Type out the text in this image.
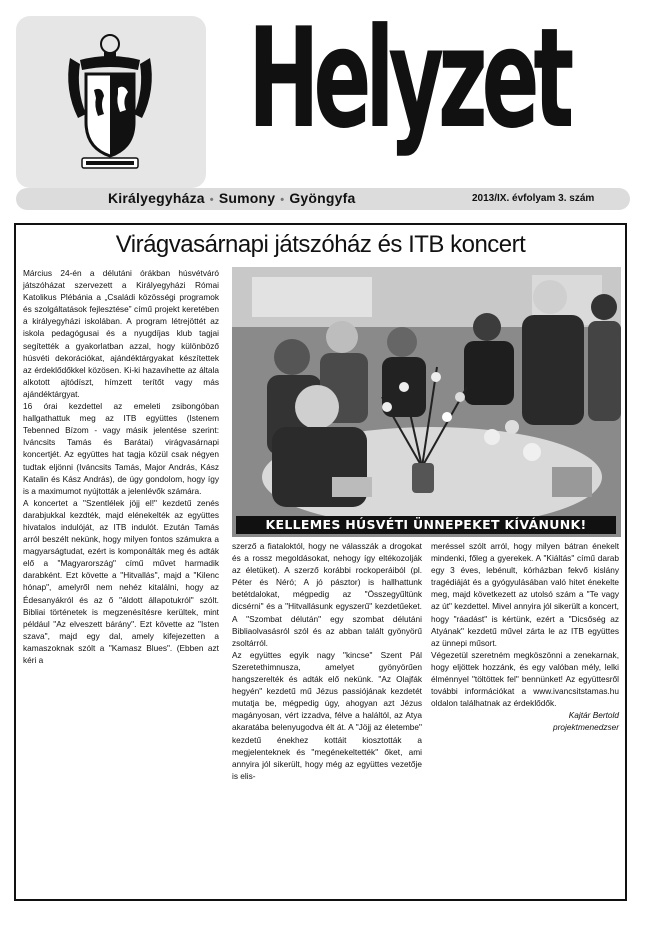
Helyzet
Királyegyháza • Sumony • Gyöngyfa	2013/IX. évfolyam 3. szám
Virágvasárnapi játszóház és ITB koncert

Március 24-én a délutáni órákban húsvétváró játszóházat szervezett a Királyegyházi Római Katolikus Plébánia a „Családi közösségi programok és szolgáltatások fejlesztése” című projekt keretében a királyegyházi iskolában. A program létrejöttét az iskola pedagógusai és a nyugdíjas klub tagjai segítették a gyakorlatban azzal, hogy különböző húsvéti dekorációkat, ajándéktárgyakat készítettek az érdeklődőkkel közösen. Ki-ki hazavihette az általa alkotott ajtódíszt, hímzett terítőt vagy más ajándéktárgyat.

16 órai kezdettel az emeleti zsibongóban hallgathattuk meg az ITB együttes (Istenem Tebenned Bízom - vagy másik jelentése szerint: Iváncsits Tamás és Barátai) virágvasárnapi koncertjét. Az együttes hat tagja közül csak négyen tudtak eljönni (Iváncsits Tamás, Major András, Kász Katalin és Kász András), de úgy gondolom, hogy így is a maximumot nyújtották a jelenlévők számára.

A koncertet a "Szentlélek jöjj el!" kezdetű zenés darabjukkal kezdték, majd elénekelték az együttes hivatalos indulóját, az ITB indulót. Ezután Tamás arról beszélt nekünk, hogy milyen fontos számukra a magyarságtudat, ezért is komponálták meg és adták elő a "Magyarország" című művet harmadik darabként. Ezt követte a "Hitvallás", majd a "Kilenc hónap", amelyről nem nehéz kitalálni, hogy az Édesanyákról és az ő "áldott állapotukról" szólt. Bibliai történetek is megzenésítésre kerültek, mint például "Az elveszett bárány". Ezt követte az "Isten szava", majd egy dal, amely kifejezetten a kamaszoknak szólt a "Kamasz Blues". (Ebben azt kéri a

KELLEMES HÚSVÉTI ÜNNEPEKET KÍVÁNUNK!

szerző a fiataloktól, hogy ne válasszák a drogokat és a rossz megoldásokat, nehogy így eltékozolják az életüket). A szerző korábbi rockoperáiból (pl. Péter és Néró; A jó pásztor) is hallhattunk betétdalokat, mégpedig az "Összegyűltünk dicsérni" és a "Hitvallásunk egyszerű" kezdetűeket. A "Szombat délután" egy szombat délutáni Bibliaolvasásról szól és az abban talált gyönyörű zsoltárról.

Az együttes egyik nagy "kincse" Szent Pál Szeretethimnusza, amelyet gyönyörűen hangszerelték és adták elő nekünk. "Az Olajfák hegyén" kezdetű mű Jézus passiójának kezdetét mutatja be, mégpedig úgy, ahogyan azt Jézus magányosan, vért izzadva, félve a haláltól, az Atya akaratába belenyugodva élt át. A "Jöjj az életembe" kezdetű énekhez kottáit kiosztották a megjelenteknek és "megénekeltették" őket, ami annyira jól sikerült, hogy még az együttes vezetője is elis-

meréssel szólt arról, hogy milyen bátran énekelt mindenki, főleg a gyerekek. A "Kiáltás" című darab egy 3 éves, lebénult, kórházban fekvő kislány tragédiáját és a gyógyulásában való hitet énekelte meg, majd következett az utolsó szám a "Te vagy az út" kezdettel. Mivel annyira jól sikerült a koncert, hogy "ráadást" is kértünk, ezért a "Dicsőség az Atyának" kezdetű művel zárta le az ITB együttes az ünnepi műsort.

Végezetül szeretném megköszönni a zenekarnak, hogy eljöttek hozzánk, és egy valóban mély, lelki élménnyel "töltöttek fel" bennünket! Az együttesről további információkat a www.ivancsitstamas.hu oldalon találhatnak az érdeklődők.

Kajtár Bertold

projektmenedzser
